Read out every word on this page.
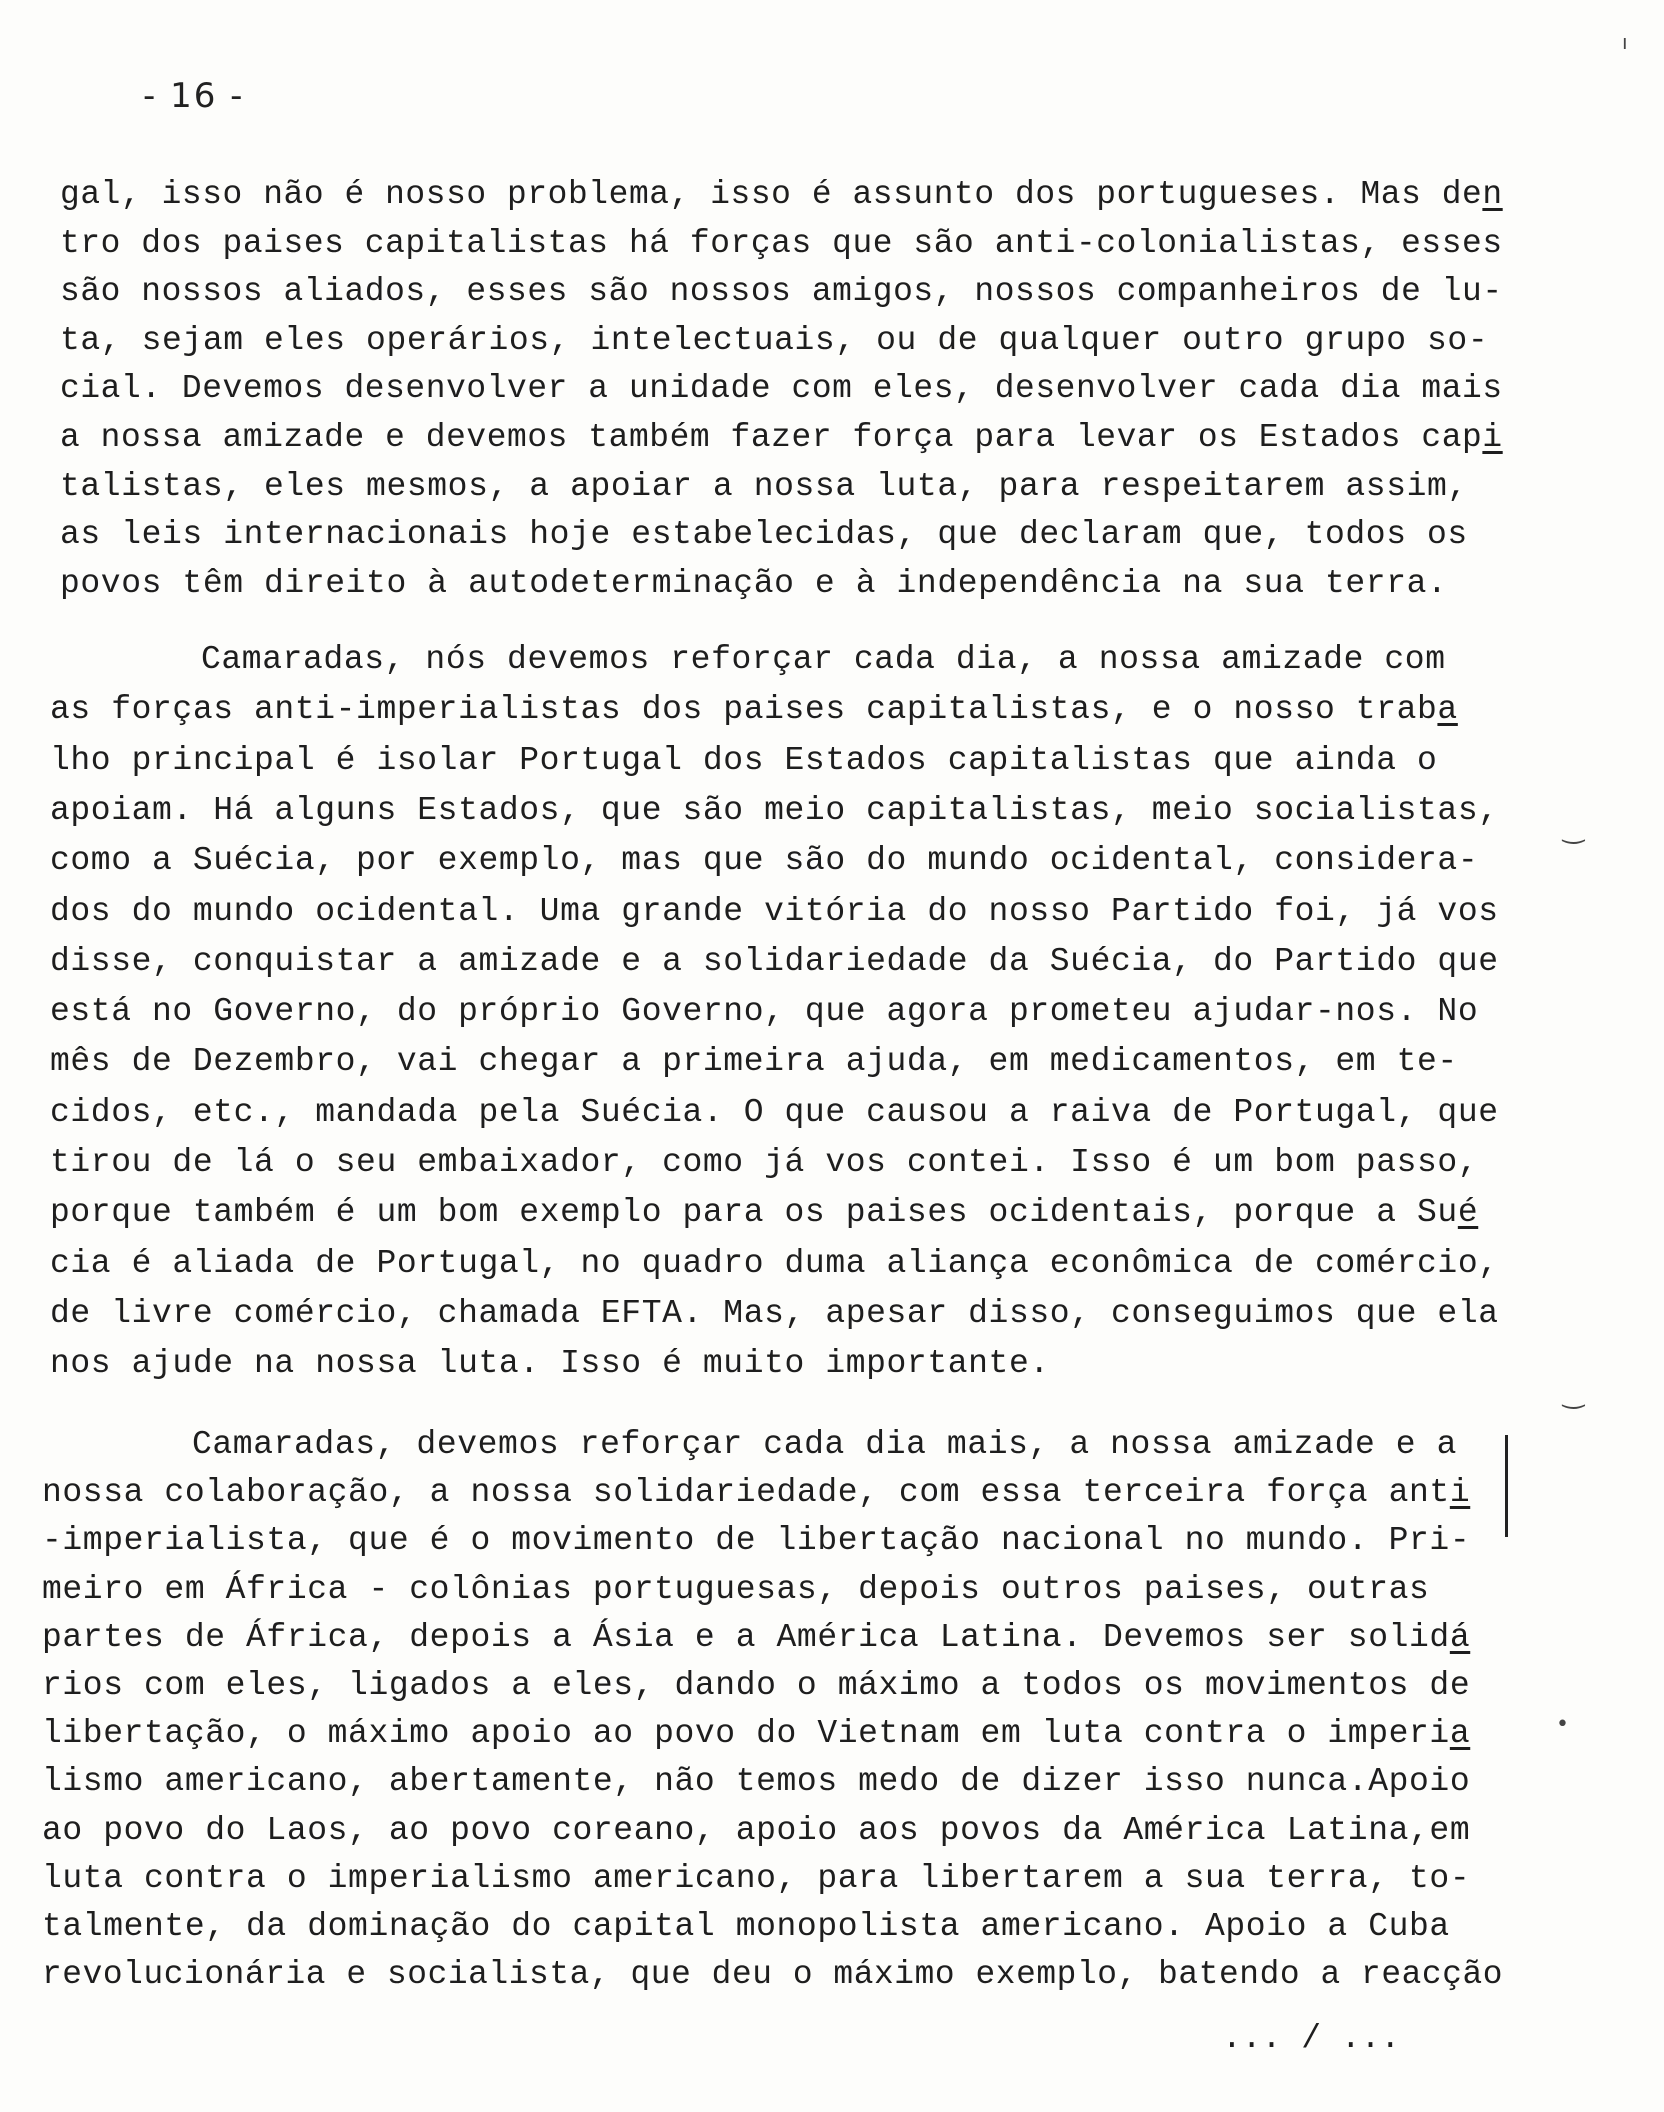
- 16 -
gal, isso não é nosso problema, isso é assunto dos portugueses. Mas den
tro dos paises capitalistas há forças que são anti-colonialistas, esses
são nossos aliados, esses são nossos amigos, nossos companheiros de lu-
ta, sejam eles operários, intelectuais, ou de qualquer outro grupo so-
cial. Devemos desenvolver a unidade com eles, desenvolver cada dia mais
a nossa amizade e devemos também fazer força para levar os Estados capi
talistas, eles mesmos, a apoiar a nossa luta, para respeitarem assim,
as leis internacionais hoje estabelecidas, que declaram que, todos os
povos têm direito à autodeterminação e à independência na sua terra.
Camaradas, nós devemos reforçar cada dia, a nossa amizade com
as forças anti-imperialistas dos paises capitalistas, e o nosso traba
lho principal é isolar Portugal dos Estados capitalistas que ainda o
apoiam. Há alguns Estados, que são meio capitalistas, meio socialistas,
como a Suécia, por exemplo, mas que são do mundo ocidental, considera-
dos do mundo ocidental. Uma grande vitória do nosso Partido foi, já vos
disse, conquistar a amizade e a solidariedade da Suécia, do Partido que
está no Governo, do próprio Governo, que agora prometeu ajudar-nos. No
mês de Dezembro, vai chegar a primeira ajuda, em medicamentos, em te-
cidos, etc., mandada pela Suécia. O que causou a raiva de Portugal, que
tirou de lá o seu embaixador, como já vos contei. Isso é um bom passo,
porque também é um bom exemplo para os paises ocidentais, porque a Sué
cia é aliada de Portugal, no quadro duma aliança econômica de comércio,
de livre comércio, chamada EFTA. Mas, apesar disso, conseguimos que ela
nos ajude na nossa luta. Isso é muito importante.
Camaradas, devemos reforçar cada dia mais, a nossa amizade e a
nossa colaboração, a nossa solidariedade, com essa terceira força anti
-imperialista, que é o movimento de libertação nacional no mundo. Pri-
meiro em África - colônias portuguesas, depois outros paises, outras
partes de África, depois a Ásia e a América Latina. Devemos ser solidá
rios com eles, ligados a eles, dando o máximo a todos os movimentos de
libertação, o máximo apoio ao povo do Vietnam em luta contra o imperia
lismo americano, abertamente, não temos medo de dizer isso nunca.Apoio
ao povo do Laos, ao povo coreano, apoio aos povos da América Latina,em
luta contra o imperialismo americano, para libertarem a sua terra, to-
talmente, da dominação do capital monopolista americano. Apoio a Cuba
revolucionária e socialista, que deu o máximo exemplo, batendo a reacção
... / ...
ı
‿
‿
•
